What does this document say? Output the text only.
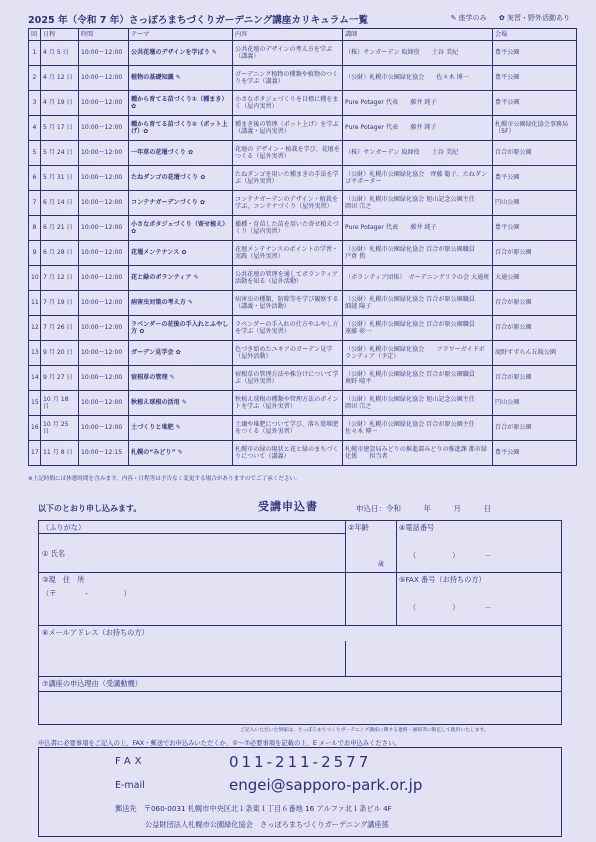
2025 年（令和 7 年）さっぽろまちづくりガーデニング講座カリキュラム一覧	✎ 座学のみ ✿ 実習・野外活動あり
回	日程	時間	テーマ	内容	講師	会場
1	4 月 5 日	10:00～12:00	公共花壇のデザインを学ぼう ✎	公共花壇のデザインの考え方を学ぶ（講義）	（株）サンガーデン 取締役　　土谷 美紀	豊平公園
2	4 月 12 日	10:00～12:00	植物の基礎知識 ✎	ガーデニング植物の種類や植物のつくりを学ぶ（講義）	（公財）札幌市公園緑化協会　　佐々木 博一	豊平公園
3	4 月 19 日	10:00～12:00	種から育てる苗づくり①（種まき）✿	小さなポタジェづくりを目標に種をまく（屋内実習）	Pure Potager 代表　　藤井 純子	豊平公園
4	5 月 17 日	10:00～12:00	種から育てる苗づくり②（ポット上げ）✿	種まき後の管理（ポット上げ）を学ぶ（講義・屋内実習）	Pure Potager 代表　　藤井 純子	札幌市公園緑化協会事務局（5F）
5	5 月 24 日	10:00～12:00	一年草の花壇づくり ✿	花壇の デザイン・植栽を学び、花壇をつくる（屋外実習）	（株）サンガーデン 取締役　　土谷 美紀	百合が原公園
6	5 月 31 日	10:00～12:00	たねダンゴの花壇づくり ✿	たねダンゴを用いた種まきの手法を学ぶ（屋外実習）	（公財）札幌市公園緑化協会　齊藤 聡子、たねダンゴサポーター	豊平公園
7	6 月 14 日	10:00～12:00	コンテナガーデンづくり ✿	コンテナガーデンのデザイン・植栽を学ぶ、コンテナづくり（屋外実習）	（公財）札幌市公園緑化協会 旭山記念公園主任　　岡田 宗之	円山公園
8	6 月 21 日	10:00～12:00	小さなポタジェづくり（寄せ植え）✿	播種・育苗した苗を用いた寄せ植えづくり（屋内実習）	Pure Potager 代表　　藤井 純子	豊平公園
9	6 月 28 日	10:00～12:00	花壇メンテナンス ✿	花壇メンテナンスのポイントの学習・実践（屋外実習）	（公財）札幌市公園緑化協会 百合が原公園職員　　戸倉 侑	百合が原公園
10	7 月 12 日	10:00～12:00	花と緑のボランティア ✎	公共花壇の管理を通してボランティア活動を知る（屋外活動）	（ボランティア団体）　ガーデニングリラの会 大通班	大通公園
11	7 月 19 日	10:00～12:00	病害虫対策の考え方 ✎	病害虫の種類、防除等を学び観察する（講義・屋外活動）	（公財）札幌市公園緑化協会 百合が原公園職員　　細越 陽子	百合が原公園
12	7 月 26 日	10:00～12:00	ラベンダーの花後の手入れとふやし方 ✿	ラベンダーの手入れの仕方やふやし方を学ぶ（屋外実習）	（公財）札幌市公園緑化協会 百合が原公園職員　　遠藤 彰一	百合が原公園
13	9 月 20 日	10:00～12:00	ガーデン見学会 ✿	色づき始めたユキアのガーデン見学（屋外活動）	（公財）札幌市公園緑化協会　　フラワーガイドボランティア（予定）	滝野すずらん丘陵公園
14	9 月 27 日	10:00～12:00	宿根草の管理 ✎	宿根草の管理方法や株分けについて学ぶ（屋外実習）	（公財）札幌市公園緑化協会 百合が原公園職員　　奥野 晴平	百合が原公園
15	10 月 18 日	10:00～12:00	秋植え球根の活用 ✎	秋植え球根の種類や管理方法のポイントを学ぶ（屋外実習）	（公財）札幌市公園緑化協会 旭山記念公園主任　　岡田 宗之	円山公園
16	10 月 25 日	10:00～12:00	土づくりと堆肥 ✎	土壌や堆肥について学び、落ち葉堆肥をつくる（屋外実習）	（公財）札幌市公園緑化協会 百合が原公園主任　　佐々木 博一	百合が原公園
17	11 月 8 日	10:00～12:15	札幌の“みどり” ✎	札幌市の緑の現状と花と緑のまちづくりについて（講義）	札幌市建設局みどりの推進部みどりの推進課 都市緑化係　　担当者	豊平公園
※上記時間には休憩時間を含みます。内容・日程等は予告なく変更する場合がありますのでご了承ください。
以下のとおり申し込みます。	受講申込書	申込日：令和　　　年　　　月　　　日
（ふりがな）	②年齢	④電話番号
① 氏名
歳
（　　　　　）　　　　－
③現　住　所	⑤FAX 番号（お持ちの方）
（〒　　　　-　　　　　）
（　　　　　）　　　　－
⑥メールアドレス（お持ちの方）
⑦講座の申込理由（受講動機）
ご記入いただいた情報は、さっぽろまちづくりガーデニング講座に関する連絡・通知等に限定して使用いたします。
申込書に必要事項をご記入の上、FAX・郵送でお申込みいただくか、①～⑦必要事項を記載の上、E メールでお申込みください。
FAX	011-211-2577
E-mail	engei@sapporo-park.or.jp
郵送先　〒060-0031 札幌市中央区北１条東１丁目６番地 16 アルファ北１条ビル 4F
公益財団法人札幌市公園緑化協会　さっぽろまちづくりガーデニング講座係
